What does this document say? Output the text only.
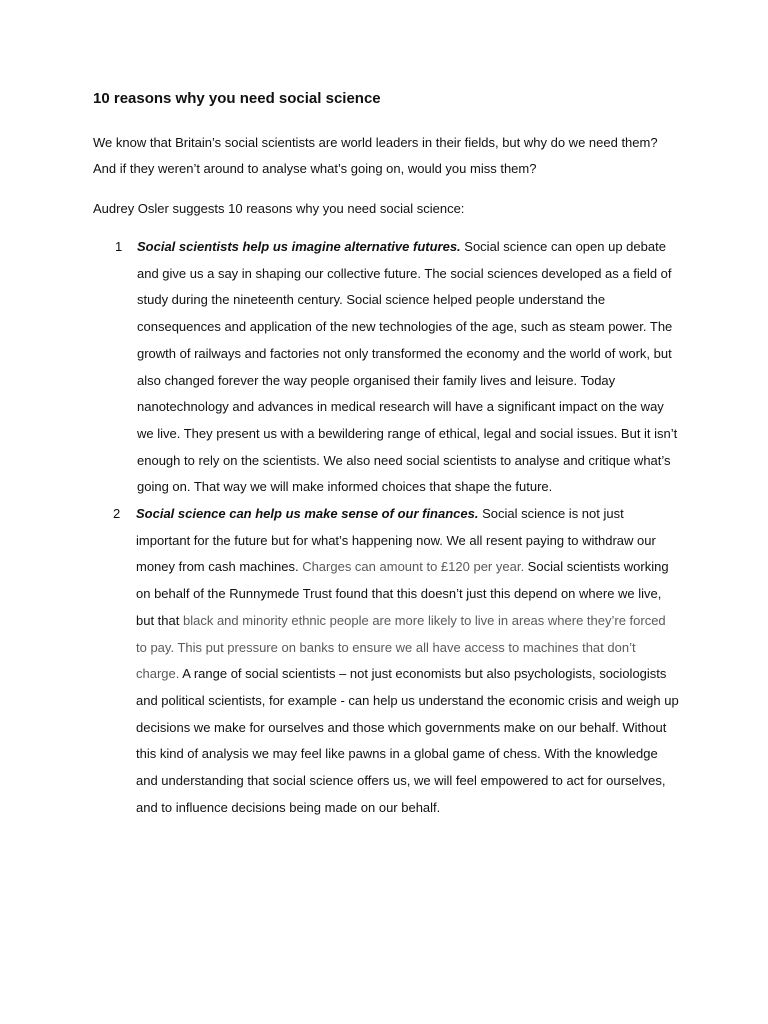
10 reasons why you need social science

We know that Britain’s social scientists are world leaders in their fields, but why do we need them? And if they weren’t around to analyse what’s going on, would you miss them?

Audrey Osler suggests 10 reasons why you need social science:

1 Social scientists help us imagine alternative futures. Social science can open up debate and give us a say in shaping our collective future. The social sciences developed as a field of study during the nineteenth century. Social science helped people understand the consequences and application of the new technologies of the age, such as steam power. The growth of railways and factories not only transformed the economy and the world of work, but also changed forever the way people organised their family lives and leisure. Today nanotechnology and advances in medical research will have a significant impact on the way we live. They present us with a bewildering range of ethical, legal and social issues. But it isn’t enough to rely on the scientists. We also need social scientists to analyse and critique what’s going on. That way we will make informed choices that shape the future.
2 Social science can help us make sense of our finances. Social science is not just important for the future but for what’s happening now. We all resent paying to withdraw our money from cash machines. Charges can amount to £120 per year. Social scientists working on behalf of the Runnymede Trust found that this doesn’t just this depend on where we live, but that black and minority ethnic people are more likely to live in areas where they’re forced to pay. This put pressure on banks to ensure we all have access to machines that don’t charge. A range of social scientists – not just economists but also psychologists, sociologists and political scientists, for example - can help us understand the economic crisis and weigh up decisions we make for ourselves and those which governments make on our behalf. Without this kind of analysis we may feel like pawns in a global game of chess. With the knowledge and understanding that social science offers us, we will feel empowered to act for ourselves, and to influence decisions being made on our behalf.
